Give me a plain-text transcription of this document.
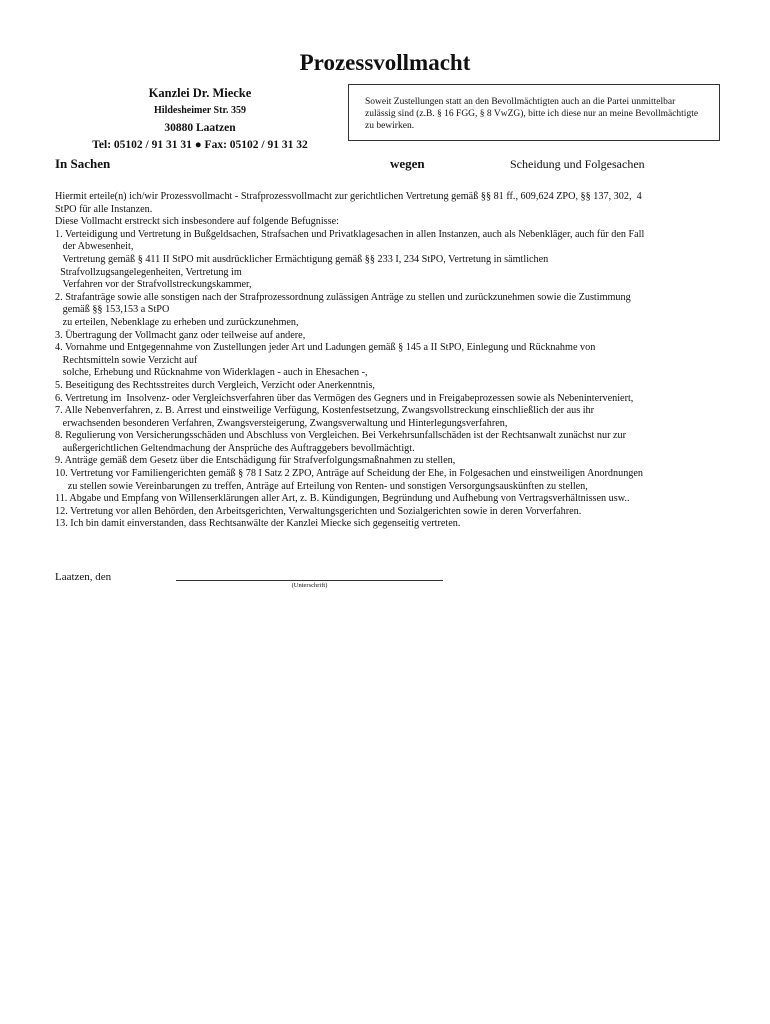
Prozessvollmacht
Kanzlei Dr. Miecke
Hildesheimer Str. 359
30880 Laatzen
Tel: 05102 / 91 31 31 ● Fax: 05102 / 91 31 32
Soweit Zustellungen statt an den Bevollmächtigten auch an die Partei unmittelbar zulässig sind (z.B. § 16 FGG, § 8 VwZG), bitte ich diese nur an meine Bevollmächtigte zu bewirken.
In Sachen	wegen	Scheidung und Folgesachen

Hiermit erteile(n) ich/wir Prozessvollmacht - Strafprozessvollmacht zur gerichtlichen Vertretung gemäß §§ 81 ff., 609,624 ZPO, §§ 137, 302,  4

StPO für alle Instanzen.

Diese Vollmacht erstreckt sich insbesondere auf folgende Befugnisse:

1. Verteidigung und Vertretung in Bußgeldsachen, Strafsachen und Privatklagesachen in allen Instanzen, auch als Nebenkläger, auch für den Fall

der Abwesenheit,

Vertretung gemäß § 411 II StPO mit ausdrücklicher Ermächtigung gemäß §§ 233 I, 234 StPO, Vertretung in sämtlichen

Strafvollzugsangelegenheiten, Vertretung im

Verfahren vor der Strafvollstreckungskammer,

2. Strafanträge sowie alle sonstigen nach der Strafprozessordnung zulässigen Anträge zu stellen und zurückzunehmen sowie die Zustimmung

gemäß §§ 153,153 a StPO

zu erteilen, Nebenklage zu erheben und zurückzunehmen,

3. Übertragung der Vollmacht ganz oder teilweise auf andere,

4. Vornahme und Entgegennahme von Zustellungen jeder Art und Ladungen gemäß § 145 a II StPO, Einlegung und Rücknahme von

Rechtsmitteln sowie Verzicht auf

solche, Erhebung und Rücknahme von Widerklagen - auch in Ehesachen -,

5. Beseitigung des Rechtsstreites durch Vergleich, Verzicht oder Anerkenntnis,

6. Vertretung im  Insolvenz- oder Vergleichsverfahren über das Vermögen des Gegners und in Freigabeprozessen sowie als Nebeninterveniert,

7. Alle Nebenverfahren, z. B. Arrest und einstweilige Verfügung, Kostenfestsetzung, Zwangsvollstreckung einschließlich der aus ihr

erwachsenden besonderen Verfahren, Zwangsversteigerung, Zwangsverwaltung und Hinterlegungsverfahren,

8. Regulierung von Versicherungsschäden und Abschluss von Vergleichen. Bei Verkehrsunfallschäden ist der Rechtsanwalt zunächst nur zur

außergerichtlichen Geltendmachung der Ansprüche des Auftraggebers bevollmächtigt.

9. Anträge gemäß dem Gesetz über die Entschädigung für Strafverfolgungsmaßnahmen zu stellen,

10. Vertretung vor Familiengerichten gemäß § 78 I Satz 2 ZPO, Anträge auf Scheidung der Ehe, in Folgesachen und einstweiligen Anordnungen

zu stellen sowie Vereinbarungen zu treffen, Anträge auf Erteilung von Renten- und sonstigen Versorgungsauskünften zu stellen,

11. Abgabe und Empfang von Willenserklärungen aller Art, z. B. Kündigungen, Begründung und Aufhebung von Vertragsverhältnissen usw..

12. Vertretung vor allen Behörden, den Arbeitsgerichten, Verwaltungsgerichten und Sozialgerichten sowie in deren Vorverfahren.

13. Ich bin damit einverstanden, dass Rechtsanwälte der Kanzlei Miecke sich gegenseitig vertreten.

Laatzen, den
(Unterschrift)
